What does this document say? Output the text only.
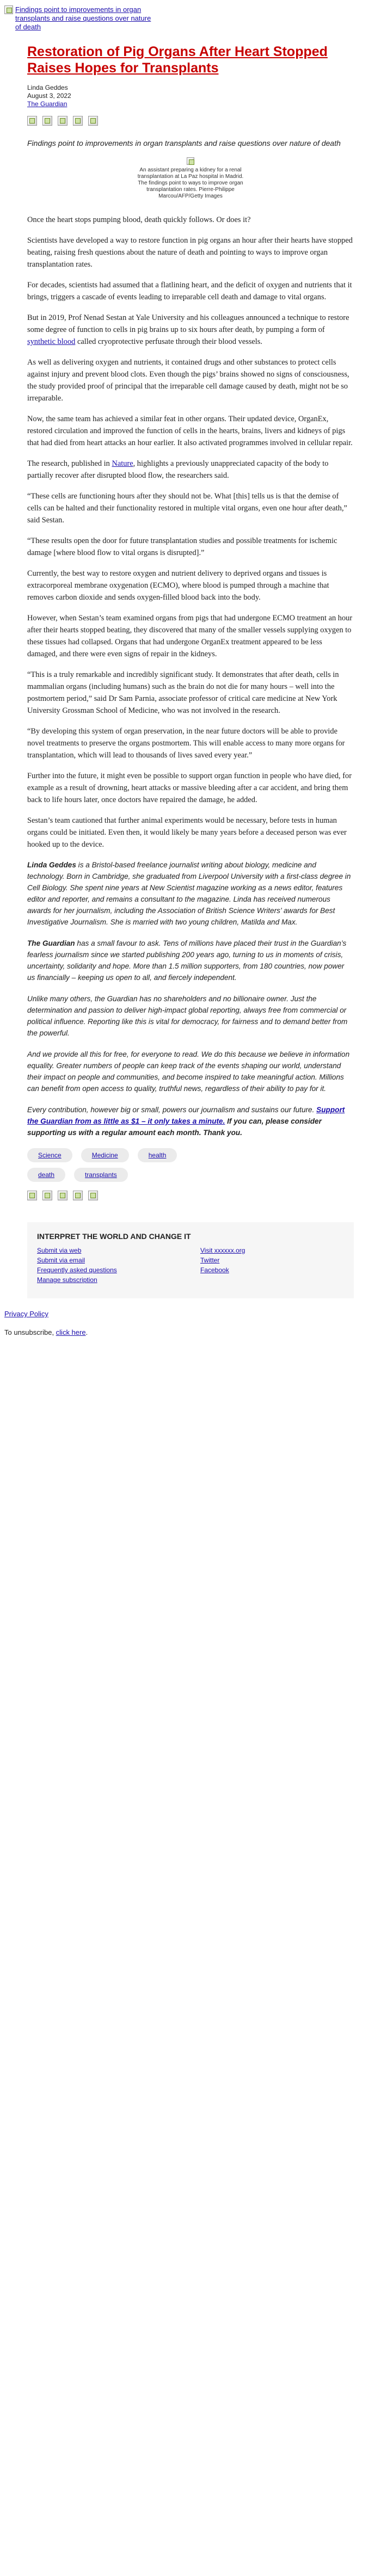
Findings point to improvements in organ transplants and raise questions over nature of death
Restoration of Pig Organs After Heart Stopped Raises Hopes for Transplants
Linda Geddes
August 3, 2022
The Guardian
Findings point to improvements in organ transplants and raise questions over nature of death
An assistant preparing a kidney for a renal transplantation at La Paz hospital in Madrid. The findings point to ways to improve organ transplantation rates. Pierre-Philippe Marcou/AFP/Getty Images

Once the heart stops pumping blood, death quickly follows. Or does it?

Scientists have developed a way to restore function in pig organs an hour after their hearts have stopped beating, raising fresh questions about the nature of death and pointing to ways to improve organ transplantation rates.

For decades, scientists had assumed that a flatlining heart, and the deficit of oxygen and nutrients that it brings, triggers a cascade of events leading to irreparable cell death and damage to vital organs.

But in 2019, Prof Nenad Sestan at Yale University and his colleagues announced a technique to restore some degree of function to cells in pig brains up to six hours after death, by pumping a form of synthetic blood called cryoprotective perfusate through their blood vessels.

As well as delivering oxygen and nutrients, it contained drugs and other substances to protect cells against injury and prevent blood clots. Even though the pigs’ brains showed no signs of consciousness, the study provided proof of principal that the irreparable cell damage caused by death, might not be so irreparable.

Now, the same team has achieved a similar feat in other organs. Their updated device, OrganEx, restored circulation and improved the function of cells in the hearts, brains, livers and kidneys of pigs that had died from heart attacks an hour earlier. It also activated programmes involved in cellular repair.

The research, published in Nature, highlights a previously unappreciated capacity of the body to partially recover after disrupted blood flow, the researchers said.

“These cells are functioning hours after they should not be. What [this] tells us is that the demise of cells can be halted and their functionality restored in multiple vital organs, even one hour after death,” said Sestan.

“These results open the door for future transplantation studies and possible treatments for ischemic damage [where blood flow to vital organs is disrupted].”

Currently, the best way to restore oxygen and nutrient delivery to deprived organs and tissues is extracorporeal membrane oxygenation (ECMO), where blood is pumped through a machine that removes carbon dioxide and sends oxygen-filled blood back into the body.

However, when Sestan’s team examined organs from pigs that had undergone ECMO treatment an hour after their hearts stopped beating, they discovered that many of the smaller vessels supplying oxygen to these tissues had collapsed. Organs that had undergone OrganEx treatment appeared to be less damaged, and there were even signs of repair in the kidneys.

“This is a truly remarkable and incredibly significant study. It demonstrates that after death, cells in mammalian organs (including humans) such as the brain do not die for many hours – well into the postmortem period,” said Dr Sam Parnia, associate professor of critical care medicine at New York University Grossman School of Medicine, who was not involved in the research.

“By developing this system of organ preservation, in the near future doctors will be able to provide novel treatments to preserve the organs postmortem. This will enable access to many more organs for transplantation, which will lead to thousands of lives saved every year.”

Further into the future, it might even be possible to support organ function in people who have died, for example as a result of drowning, heart attacks or massive bleeding after a car accident, and bring them back to life hours later, once doctors have repaired the damage, he added.

Sestan’s team cautioned that further animal experiments would be necessary, before tests in human organs could be initiated. Even then, it would likely be many years before a deceased person was ever hooked up to the device.

Linda Geddes is a Bristol-based freelance journalist writing about biology, medicine and technology. Born in Cambridge, she graduated from Liverpool University with a first-class degree in Cell Biology. She spent nine years at New Scientist magazine working as a news editor, features editor and reporter, and remains a consultant to the magazine. Linda has received numerous awards for her journalism, including the Association of British Science Writers’ awards for Best Investigative Journalism. She is married with two young children, Matilda and Max.

The Guardian has a small favour to ask. Tens of millions have placed their trust in the Guardian’s fearless journalism since we started publishing 200 years ago, turning to us in moments of crisis, uncertainty, solidarity and hope. More than 1.5 million supporters, from 180 countries, now power us financially – keeping us open to all, and fiercely independent.

Unlike many others, the Guardian has no shareholders and no billionaire owner. Just the determination and passion to deliver high-impact global reporting, always free from commercial or political influence. Reporting like this is vital for democracy, for fairness and to demand better from the powerful.

And we provide all this for free, for everyone to read. We do this because we believe in information equality. Greater numbers of people can keep track of the events shaping our world, understand their impact on people and communities, and become inspired to take meaningful action. Millions can benefit from open access to quality, truthful news, regardless of their ability to pay for it.

Every contribution, however big or small, powers our journalism and sustains our future. Support the Guardian from as little as $1 – it only takes a minute. If you can, please consider supporting us with a regular amount each month. Thank you.

Science	Medicine	health
death	transplants
INTERPRET THE WORLD AND CHANGE IT
Submit via web	Visit xxxxxx.org
Submit via email	Twitter
Frequently asked questions	Facebook
Manage subscription

Privacy Policy

To unsubscribe, click here.
